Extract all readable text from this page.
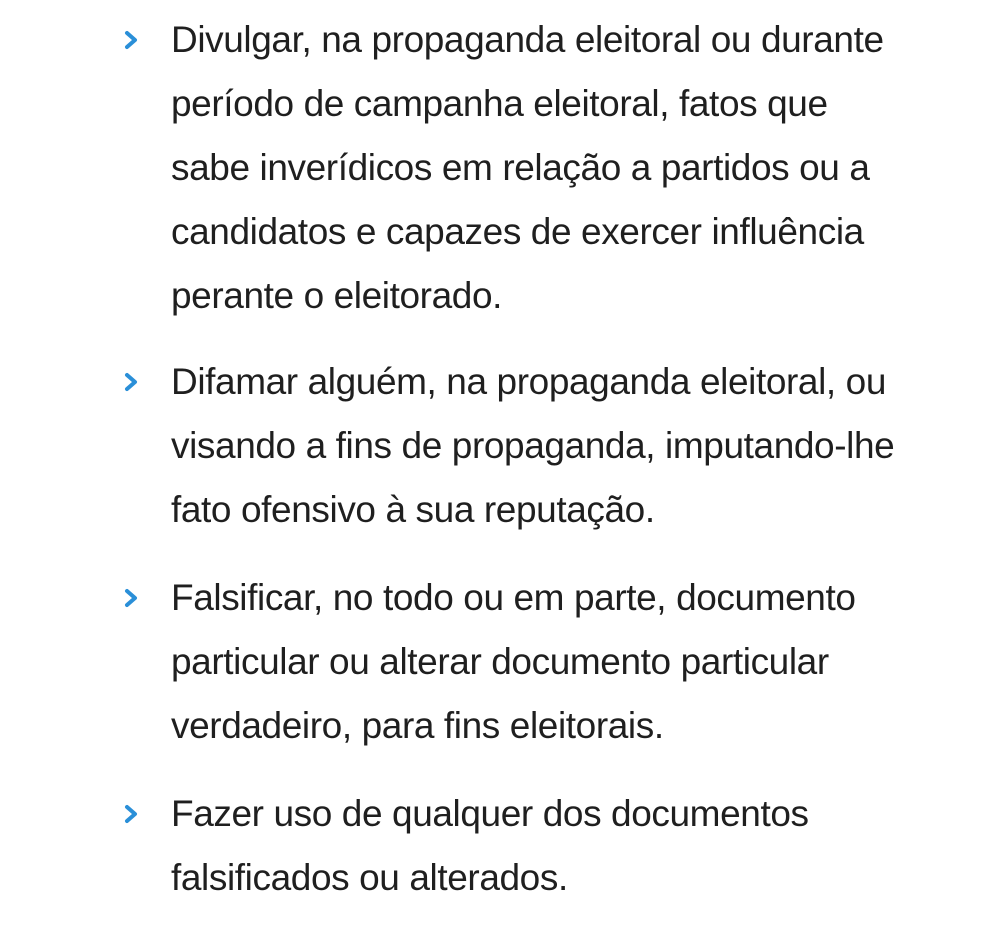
Divulgar, na propaganda eleitoral ou durante
período de campanha eleitoral, fatos que
sabe inverídicos em relação a partidos ou a
candidatos e capazes de exercer influência
perante o eleitorado.
Difamar alguém, na propaganda eleitoral, ou
visando a fins de propaganda, imputando-lhe
fato ofensivo à sua reputação.
Falsificar, no todo ou em parte, documento
particular ou alterar documento particular
verdadeiro, para fins eleitorais.
Fazer uso de qualquer dos documentos
falsificados ou alterados.
